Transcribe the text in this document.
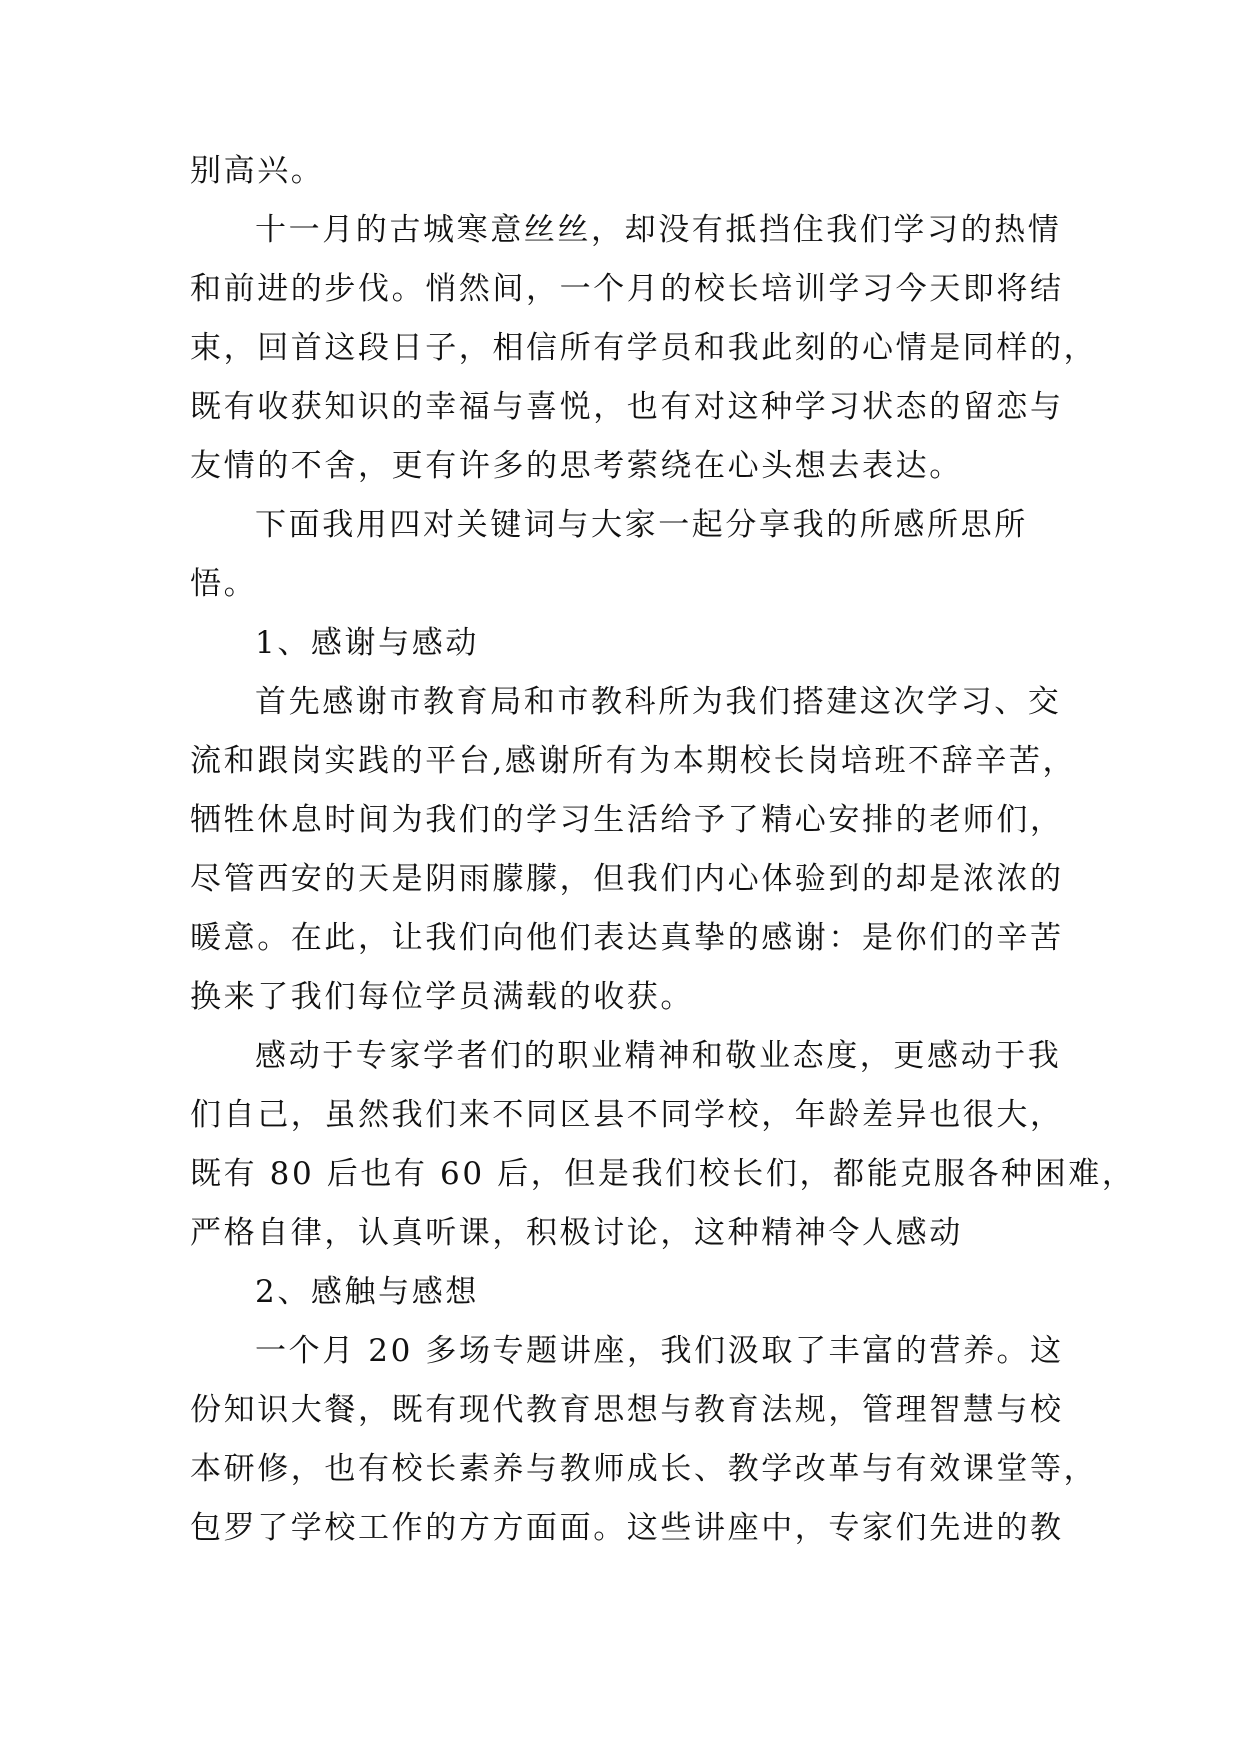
别高兴。
十一月的古城寒意丝丝，却没有抵挡住我们学习的热情
和前进的步伐。悄然间，一个月的校长培训学习今天即将结
束，回首这段日子，相信所有学员和我此刻的心情是同样的，
既有收获知识的幸福与喜悦，也有对这种学习状态的留恋与
友情的不舍，更有许多的思考萦绕在心头想去表达。
下面我用四对关键词与大家一起分享我的所感所思所
悟。
1、感谢与感动
首先感谢市教育局和市教科所为我们搭建这次学习、交
流和跟岗实践的平台,感谢所有为本期校长岗培班不辞辛苦，
牺牲休息时间为我们的学习生活给予了精心安排的老师们，
尽管西安的天是阴雨朦朦，但我们内心体验到的却是浓浓的
暖意。在此，让我们向他们表达真挚的感谢：是你们的辛苦
换来了我们每位学员满载的收获。
感动于专家学者们的职业精神和敬业态度，更感动于我
们自己，虽然我们来不同区县不同学校，年龄差异也很大，
既有 80 后也有 60 后，但是我们校长们，都能克服各种困难，
严格自律，认真听课，积极讨论，这种精神令人感动
2、感触与感想
一个月 20 多场专题讲座，我们汲取了丰富的营养。这
份知识大餐，既有现代教育思想与教育法规，管理智慧与校
本研修，也有校长素养与教师成长、教学改革与有效课堂等，
包罗了学校工作的方方面面。这些讲座中，专家们先进的教
